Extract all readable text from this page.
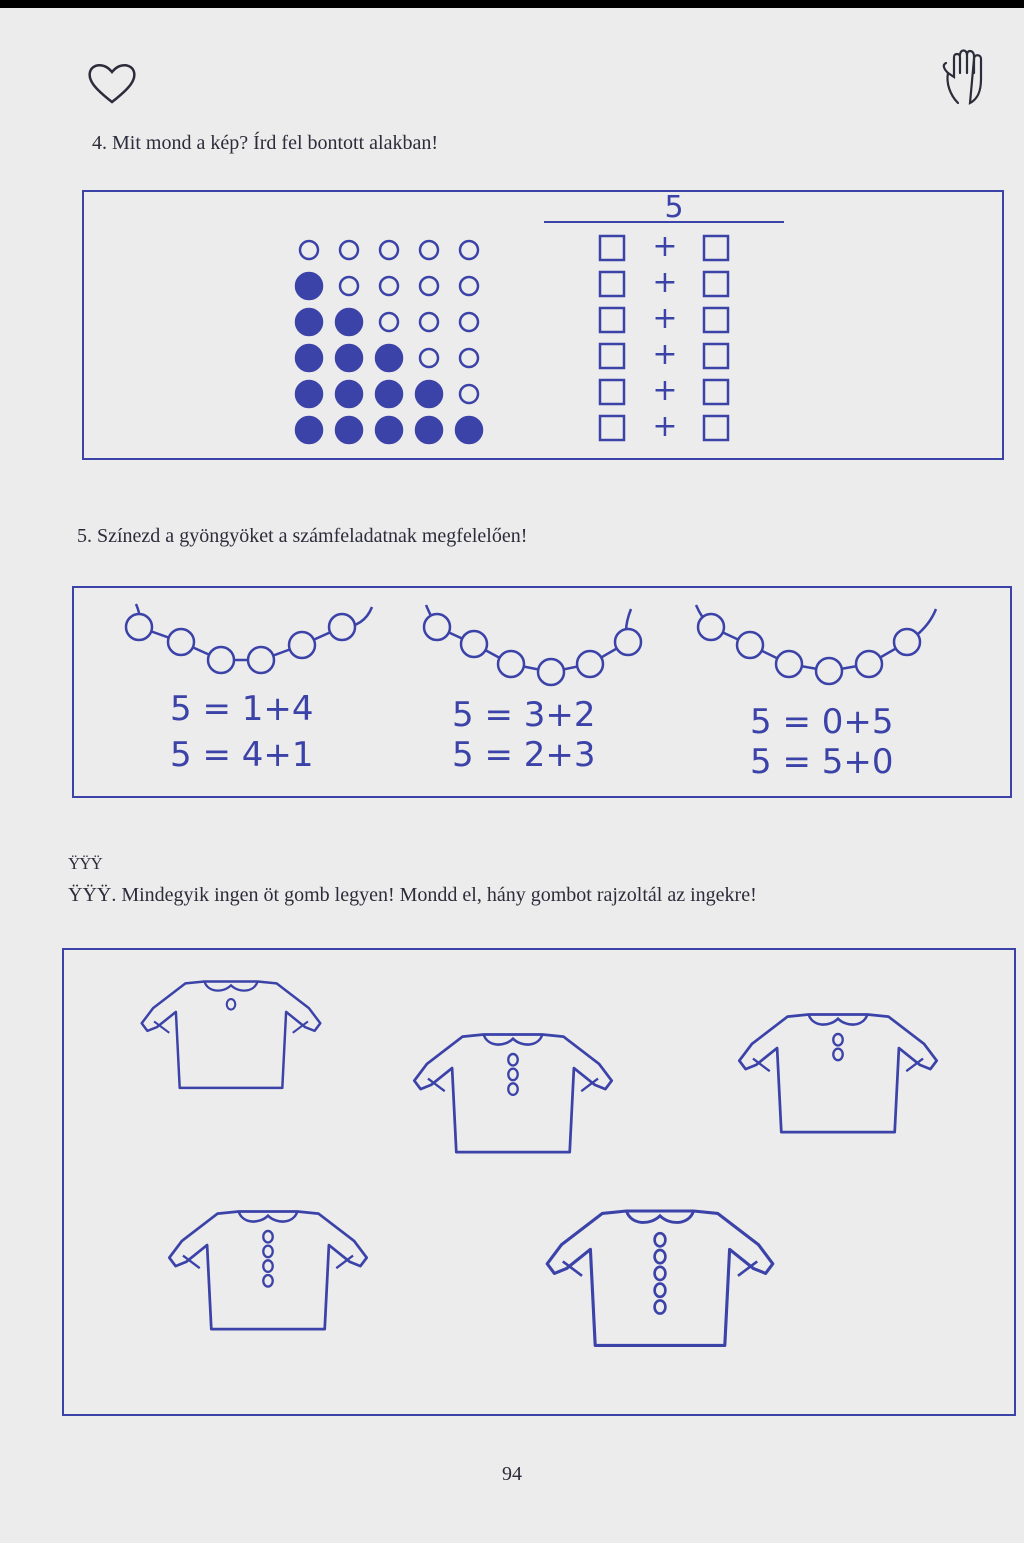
4. Mit mond a kép? Írd fel bontott alakban!
5
+
+
+
+
+
+
5. Színezd a gyöngyöket a számfeladatnak megfelelően!
5 = 1+4
5 = 4+1
5 = 3+2
5 = 2+3
5 = 0+5
5 = 5+0
ŸŸŸ. Mindegyik ingen öt gomb legyen! Mondd el, hány gombot rajzoltál az ingekre!
ŸŸŸ
94
